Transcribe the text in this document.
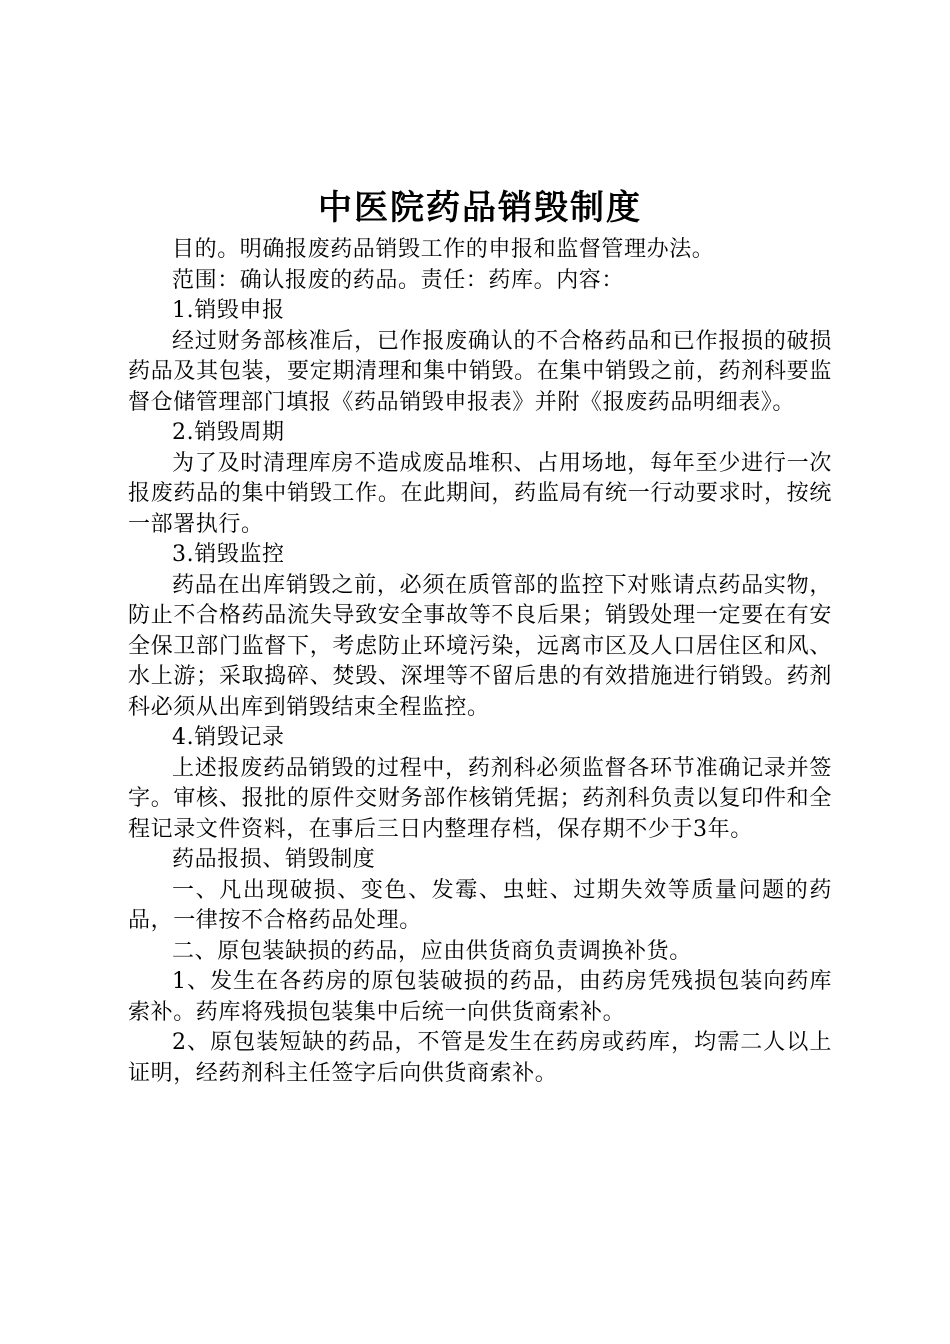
中医院药品销毁制度

目的。明确报废药品销毁工作的申报和监督管理办法。

范围：确认报废的药品。责任：药库。内容：

1.销毁申报

经过财务部核准后，已作报废确认的不合格药品和已作报损的破损药品及其包装，要定期清理和集中销毁。在集中销毁之前，药剂科要监督仓储管理部门填报《药品销毁申报表》并附《报废药品明细表》。

2.销毁周期

为了及时清理库房不造成废品堆积、占用场地，每年至少进行一次报废药品的集中销毁工作。在此期间，药监局有统一行动要求时，按统一部署执行。

3.销毁监控

药品在出库销毁之前，必须在质管部的监控下对账请点药品实物，防止不合格药品流失导致安全事故等不良后果；销毁处理一定要在有安全保卫部门监督下，考虑防止环境污染，远离市区及人口居住区和风、水上游；采取捣碎、焚毁、深埋等不留后患的有效措施进行销毁。药剂科必须从出库到销毁结束全程监控。

4.销毁记录

上述报废药品销毁的过程中，药剂科必须监督各环节准确记录并签字。审核、报批的原件交财务部作核销凭据；药剂科负责以复印件和全程记录文件资料，在事后三日内整理存档，保存期不少于3年。

药品报损、销毁制度

一、凡出现破损、变色、发霉、虫蛀、过期失效等质量问题的药品，一律按不合格药品处理。

二、原包装缺损的药品，应由供货商负责调换补货。

1、发生在各药房的原包装破损的药品，由药房凭残损包装向药库索补。药库将残损包装集中后统一向供货商索补。

2、原包装短缺的药品，不管是发生在药房或药库，均需二人以上证明，经药剂科主任签字后向供货商索补。
